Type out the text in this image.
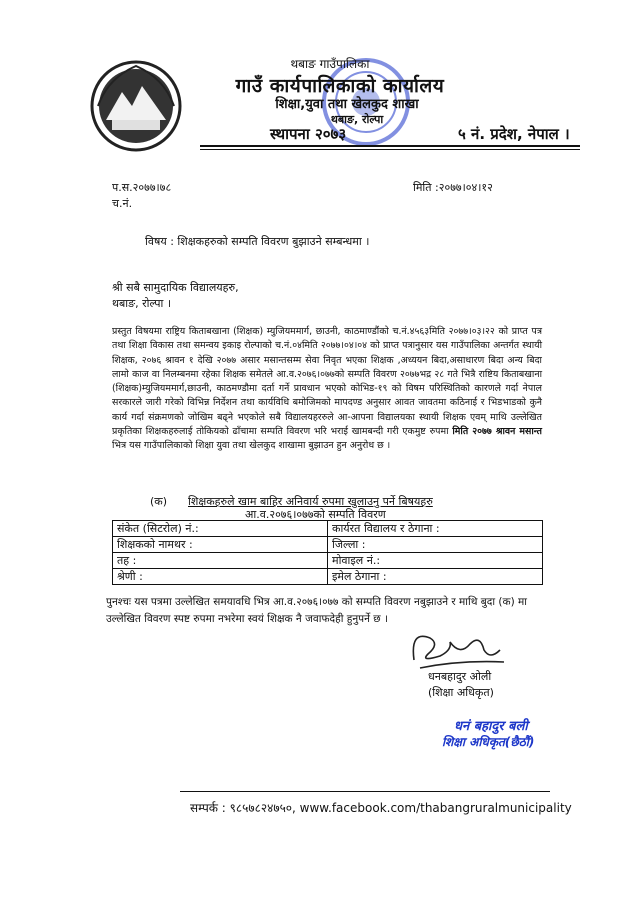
थबाङ गाउँपालिका
गाउँ कार्यपालिकाको कार्यालय
शिक्षा,युवा तथा खेलकुद शाखा
थबाङ, रोल्पा
स्थापना २०७३	५ नं. प्रदेश, नेपाल ।
प.स.२०७७।७८
च.नं.
मिति :२०७७।०४।१२
विषय : शिक्षकहरुको सम्पति विवरण बुझाउने सम्बन्धमा ।
श्री सबै सामुदायिक विद्यालयहरु,
थबाङ, रोल्पा ।
प्रस्तुत विषयमा राष्ट्रिय किताबखाना (शिक्षक) म्युजियममार्ग, छाउनी, काठमाण्डौंको च.नं.४५६३मिति २०७७।०३।२२ को प्राप्त पत्र तथा शिक्षा विकास तथा समन्वय इकाइ रोल्पाको च.नं.०४मिति २०७७।०४।०४ को प्राप्त पत्रानुसार यस गाउँपालिका अन्तर्गत स्थायी शिक्षक, २०७६ श्रावन १ देखि २०७७ असार मसान्तसम्म सेवा निवृत भएका शिक्षक ,अध्ययन बिदा,असाधारण बिदा अन्य बिदा लामो काज वा निलम्बनमा रहेका शिक्षक समेतले आ.व.२०७६।०७७को सम्पति विवरण २०७७भद्र २८ गते भित्रै राष्टिय किताबखाना (शिक्षक)म्युजियममार्ग,छाउनी, काठमण्डौमा दर्ता गर्ने प्रावधान भएको कोभिड-१९ को विषम परिस्थितिको कारणले गर्दा नेपाल सरकारले जारी गरेको विभिन्न निर्देशन तथा कार्यविधि बमोजिमको मापदण्ड अनुसार आवत जावतमा कठिनाई र भिडभाडको कुनै कार्य गर्दा संक्रमणको जोखिम बढ्ने भएकोले सबै विद्यालयहररुले आ-आपना विद्यालयका स्थायी शिक्षक एवम् माथि उल्लेखित प्रकृतिका शिक्षकहरुलाई तोकियको ढाँचामा सम्पति विवरण भरि भराई खामबन्दी गरी एकमुष्ट रुपमा मिति २०७७ श्रावन मसान्त भित्र यस गाउँपालिकाको शिक्षा युवा तथा खेलकुद शाखामा बुझाउन हुन अनुरोध छ ।
(क) शिक्षकहरुले खाम बाहिर अनिवार्य रुपमा खुलाउनु पर्ने बिषयहरु
आ.व.२०७६।०७७को सम्पति विवरण
संकेत (सिटरोल) नं.:	कार्यरत विद्यालय र ठेगाना :
शिक्षकको नामथर :	जिल्ला :
तह :	मोवाइल नं.:
श्रेणी :	इमेल ठेगाना :
पुनश्चः यस पत्रमा उल्लेखित समयावधि भित्र आ.व.२०७६।०७७ को सम्पति विवरण नबुझाउने र माथि बुदा (क) मा उल्लेखित विवरण स्पष्ट रुपमा नभरेमा स्वयं शिक्षक नै जवाफदेही हुनुपर्ने छ ।
धनबहादुर ओली
(शिक्षा अधिकृत)
धनं बहादुर बली
शिक्षा अधिकृत(छैठौं)
सम्पर्क : ९८५७८२४७५०, www.facebook.com/thabangruralmunicipality
